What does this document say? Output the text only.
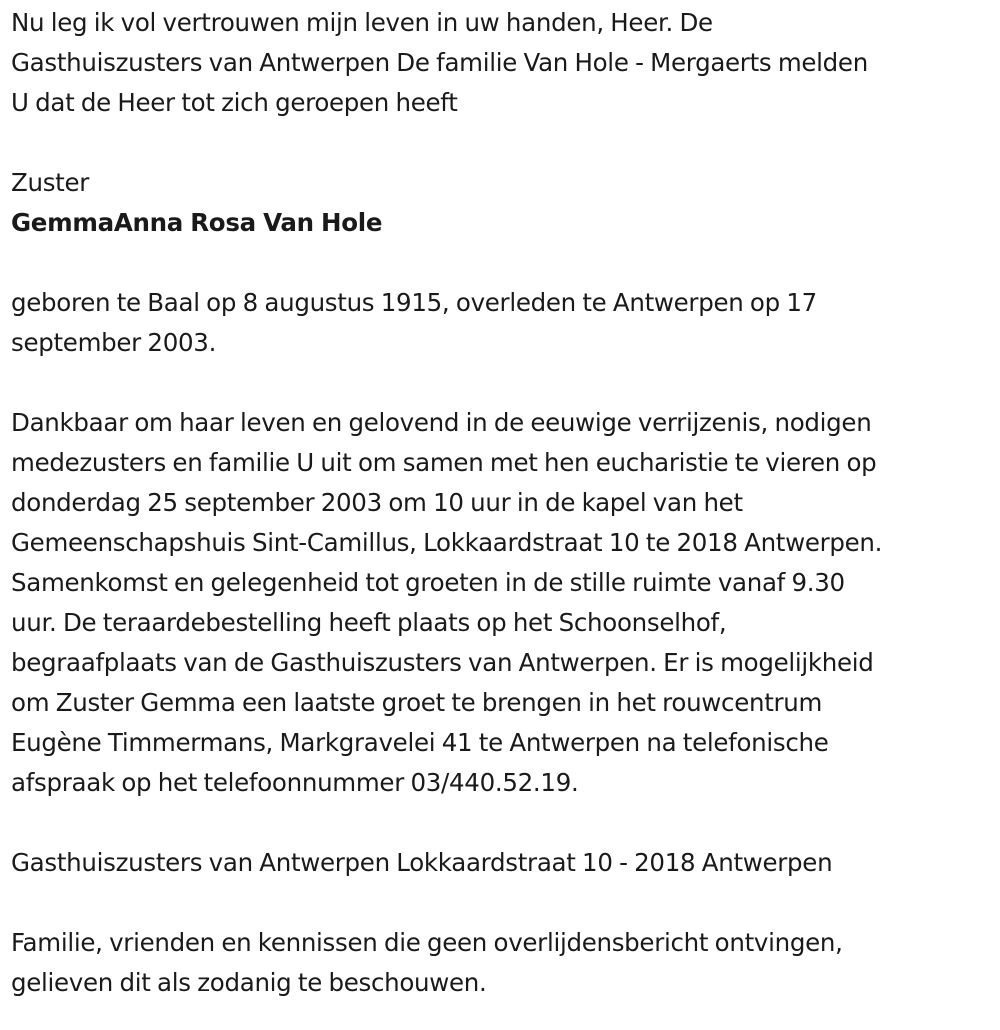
Nu leg ik vol vertrouwen mijn leven in uw handen, Heer. De
Gasthuiszusters van Antwerpen De familie Van Hole - Mergaerts melden
U dat de Heer tot zich geroepen heeft

Zuster

GemmaAnna Rosa Van Hole

geboren te Baal op 8 augustus 1915, overleden te Antwerpen op 17
september 2003.

Dankbaar om haar leven en gelovend in de eeuwige verrijzenis, nodigen
medezusters en familie U uit om samen met hen eucharistie te vieren op
donderdag 25 september 2003 om 10 uur in de kapel van het
Gemeenschapshuis Sint-Camillus, Lokkaardstraat 10 te 2018 Antwerpen.
Samenkomst en gelegenheid tot groeten in de stille ruimte vanaf 9.30
uur. De teraardebestelling heeft plaats op het Schoonselhof,
begraafplaats van de Gasthuiszusters van Antwerpen. Er is mogelijkheid
om Zuster Gemma een laatste groet te brengen in het rouwcentrum
Eugène Timmermans, Markgravelei 41 te Antwerpen na telefonische
afspraak op het telefoonnummer 03/440.52.19.

Gasthuiszusters van Antwerpen Lokkaardstraat 10 - 2018 Antwerpen

Familie, vrienden en kennissen die geen overlijdensbericht ontvingen,
gelieven dit als zodanig te beschouwen.
